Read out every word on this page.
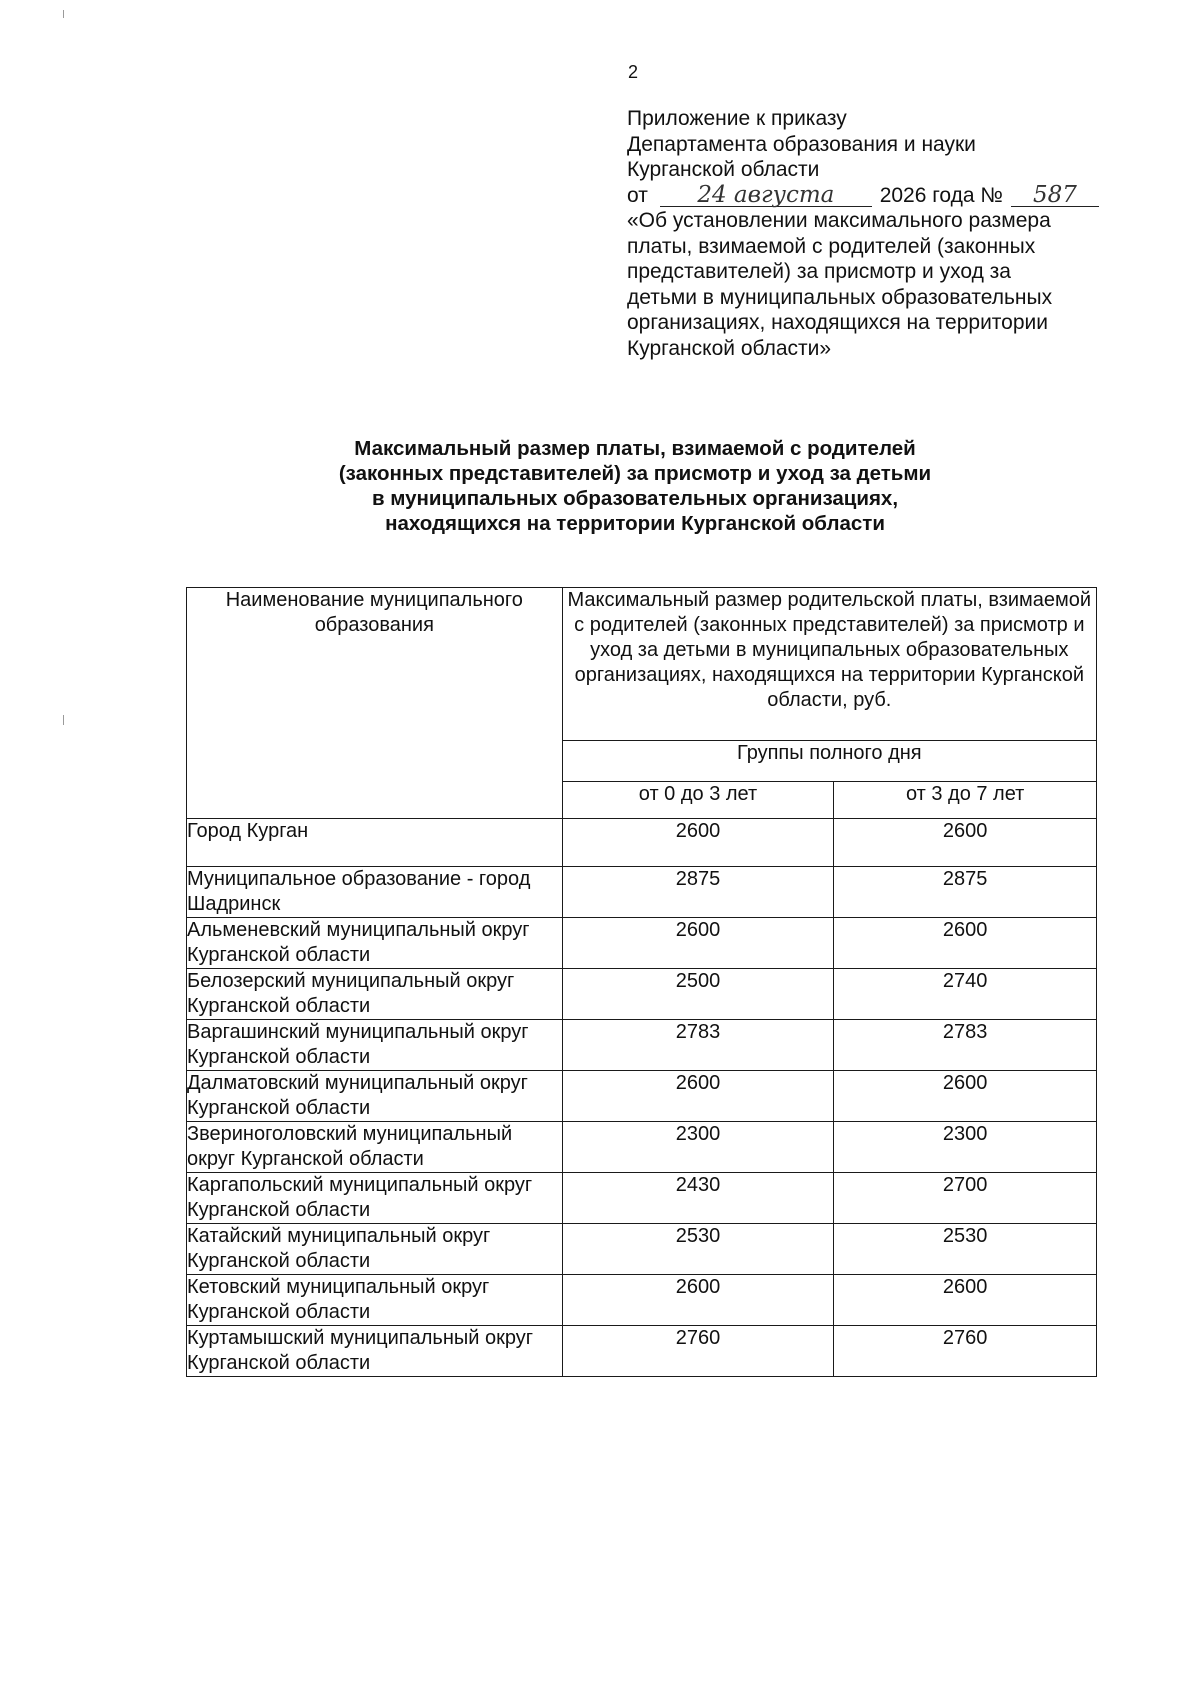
2
Приложение к приказу
Департамента образования и науки
Курганской области
от 24 августа 2026 года № 587
«Об установлении максимального размера
платы, взимаемой с родителей (законных
представителей) за присмотр и уход за
детьми в муниципальных образовательных
организациях, находящихся на территории
Курганской области»
Максимальный размер платы, взимаемой с родителей
(законных представителей) за присмотр и уход за детьми
в муниципальных образовательных организациях,
находящихся на территории Курганской области
Наименование муниципального образования	Максимальный размер родительской платы, взимаемой с родителей (законных представителей) за присмотр и уход за детьми в муниципальных образовательных организациях, находящихся на территории Курганской области, руб.	
	Группы полного дня	
	от 0 до 3 лет	от 3 до 7 лет
Город Курган	2600	2600
Муниципальное образование - город Шадринск	2875	2875
Альменевский муниципальный округ Курганской области	2600	2600
Белозерский муниципальный округ Курганской области	2500	2740
Варгашинский муниципальный округ Курганской области	2783	2783
Далматовский муниципальный округ Курганской области	2600	2600
Звериноголовский муниципальный округ Курганской области	2300	2300
Каргапольский муниципальный округ Курганской области	2430	2700
Катайский муниципальный округ Курганской области	2530	2530
Кетовский муниципальный округ Курганской области	2600	2600
Куртамышский муниципальный округ Курганской области	2760	2760
